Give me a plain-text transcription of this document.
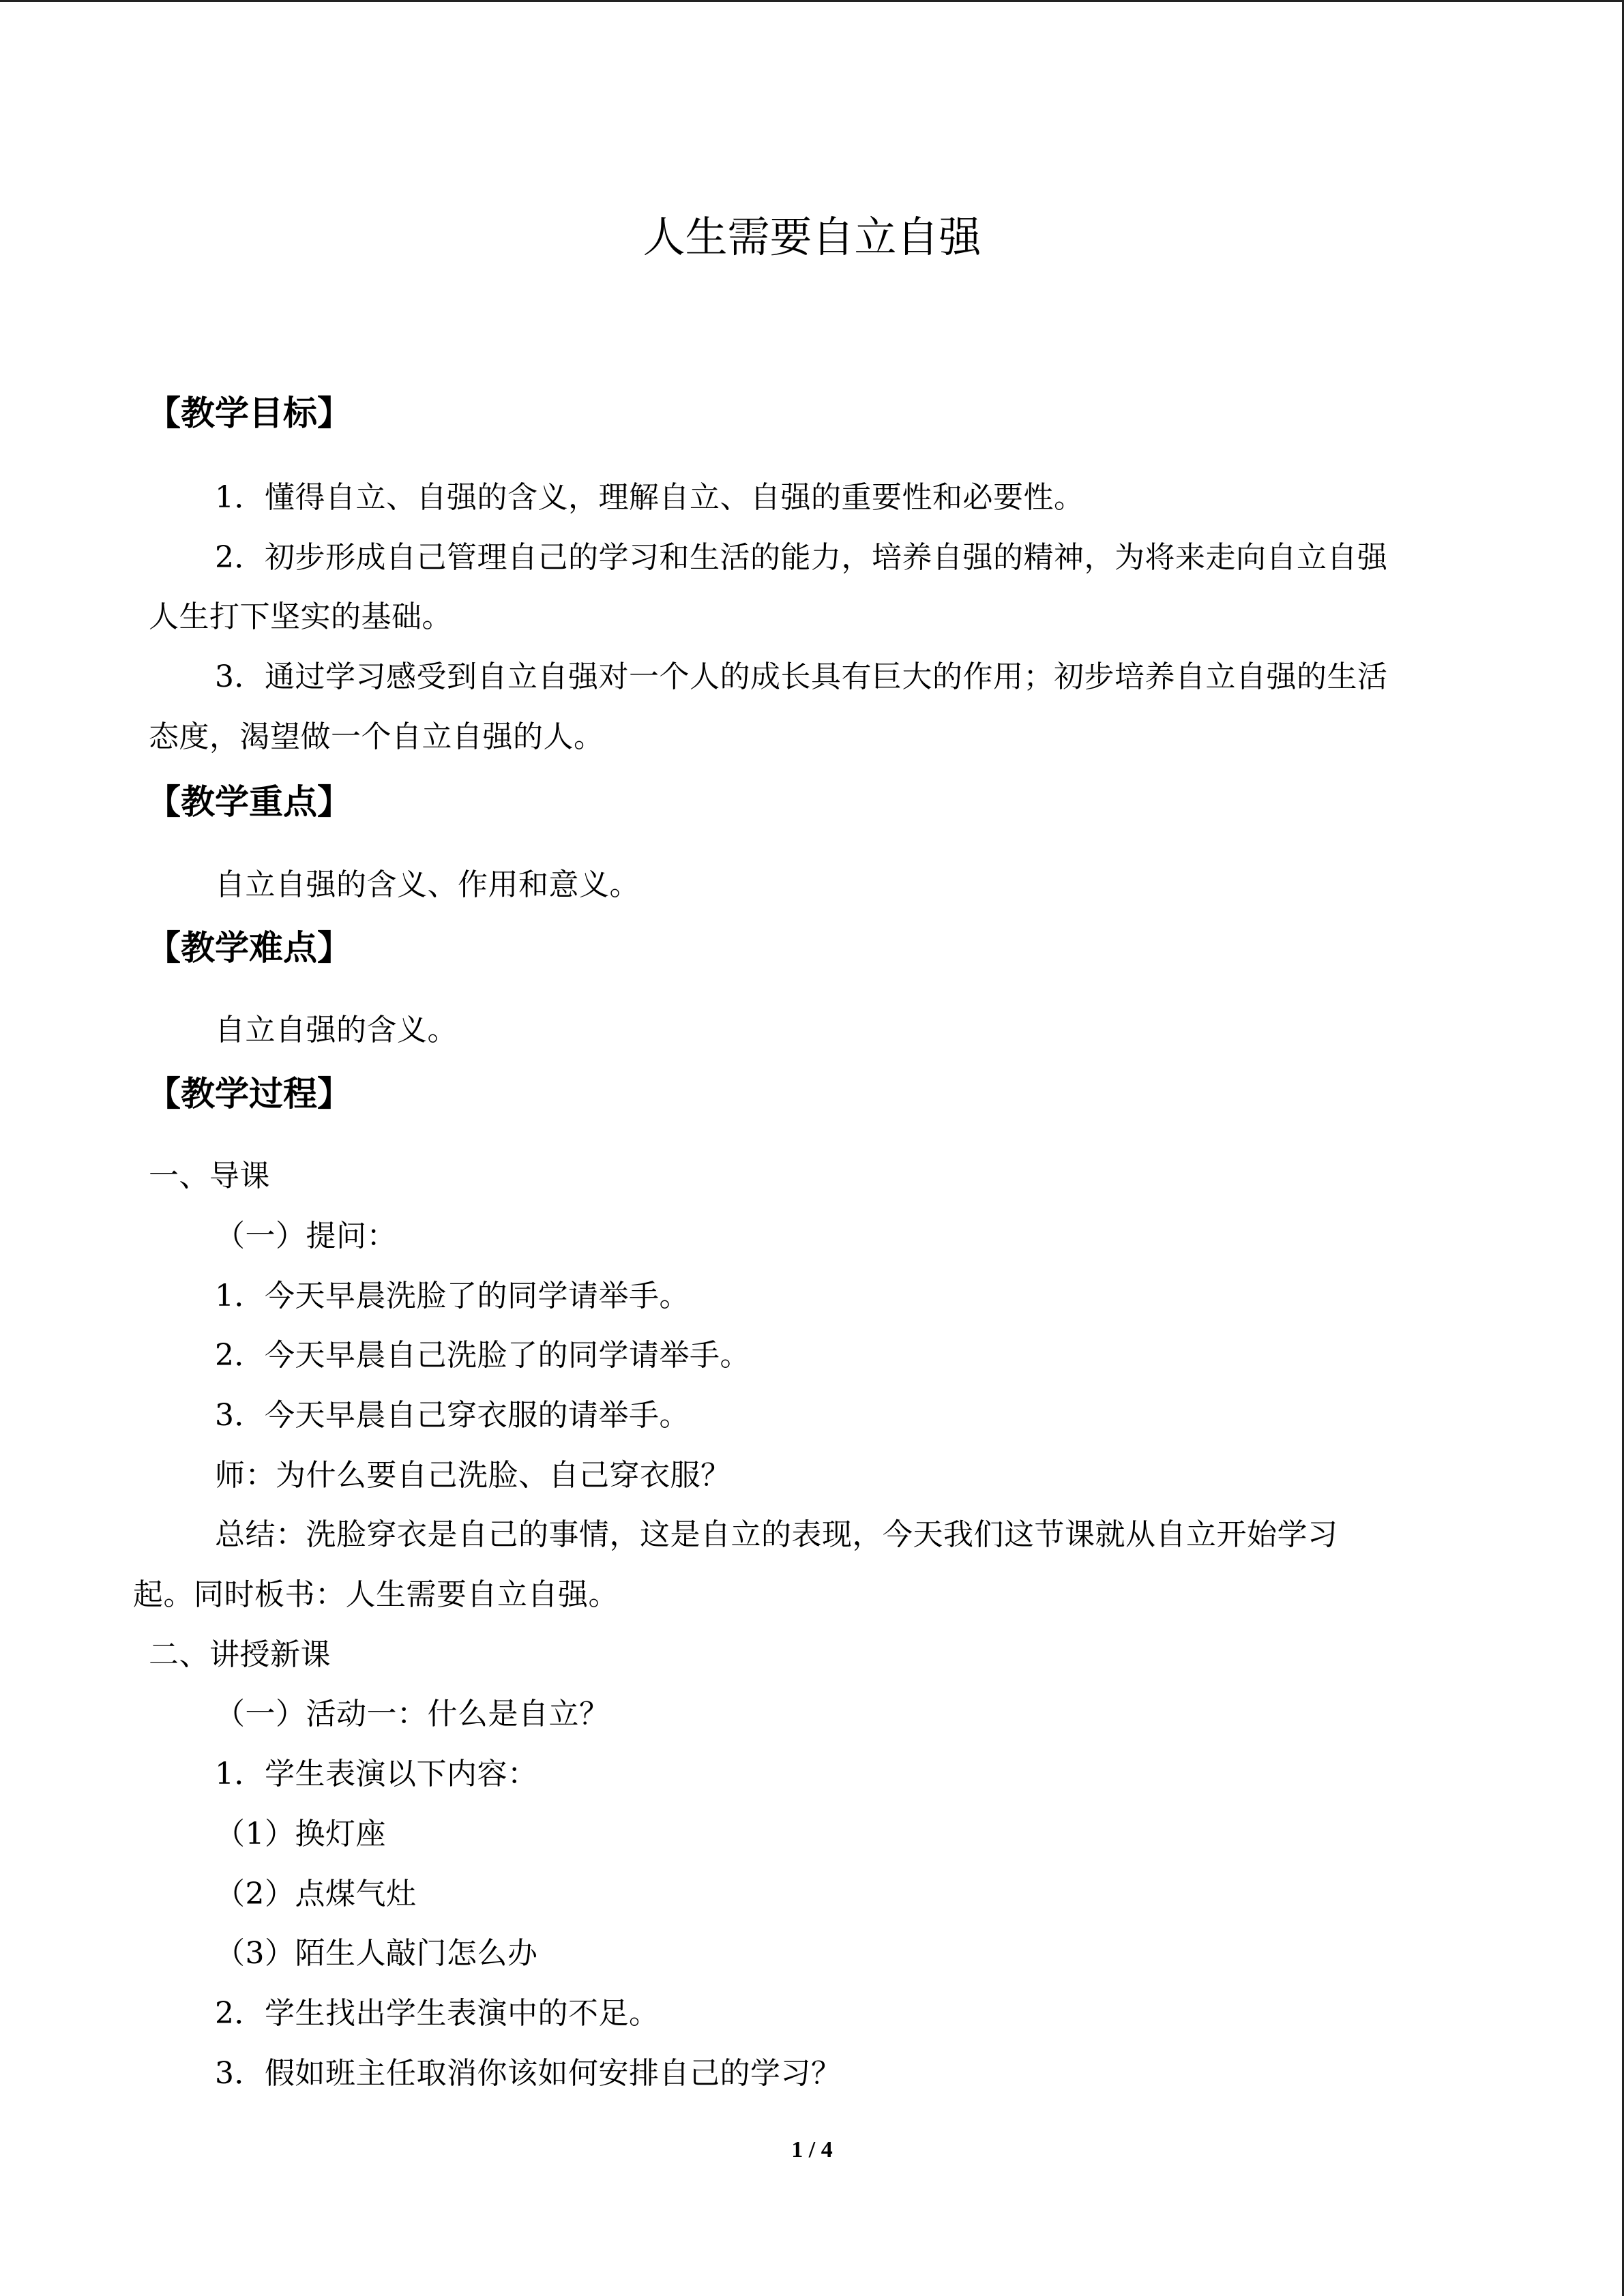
人生需要自立自强
【教学目标】
1．懂得自立、自强的含义，理解自立、自强的重要性和必要性。
2．初步形成自己管理自己的学习和生活的能力，培养自强的精神，为将来走向自立自强
人生打下坚实的基础。
3．通过学习感受到自立自强对一个人的成长具有巨大的作用；初步培养自立自强的生活
态度，渴望做一个自立自强的人。
【教学重点】
自立自强的含义、作用和意义。
【教学难点】
自立自强的含义。
【教学过程】
一、导课
（一）提问：
1．今天早晨洗脸了的同学请举手。
2．今天早晨自己洗脸了的同学请举手。
3．今天早晨自己穿衣服的请举手。
师：为什么要自己洗脸、自己穿衣服？
总结：洗脸穿衣是自己的事情，这是自立的表现，今天我们这节课就从自立开始学习
起。同时板书：人生需要自立自强。
二、讲授新课
（一）活动一：什么是自立？
1．学生表演以下内容：
（1）换灯座
（2）点煤气灶
（3）陌生人敲门怎么办
2．学生找出学生表演中的不足。
3．假如班主任取消你该如何安排自己的学习？
1 / 4
